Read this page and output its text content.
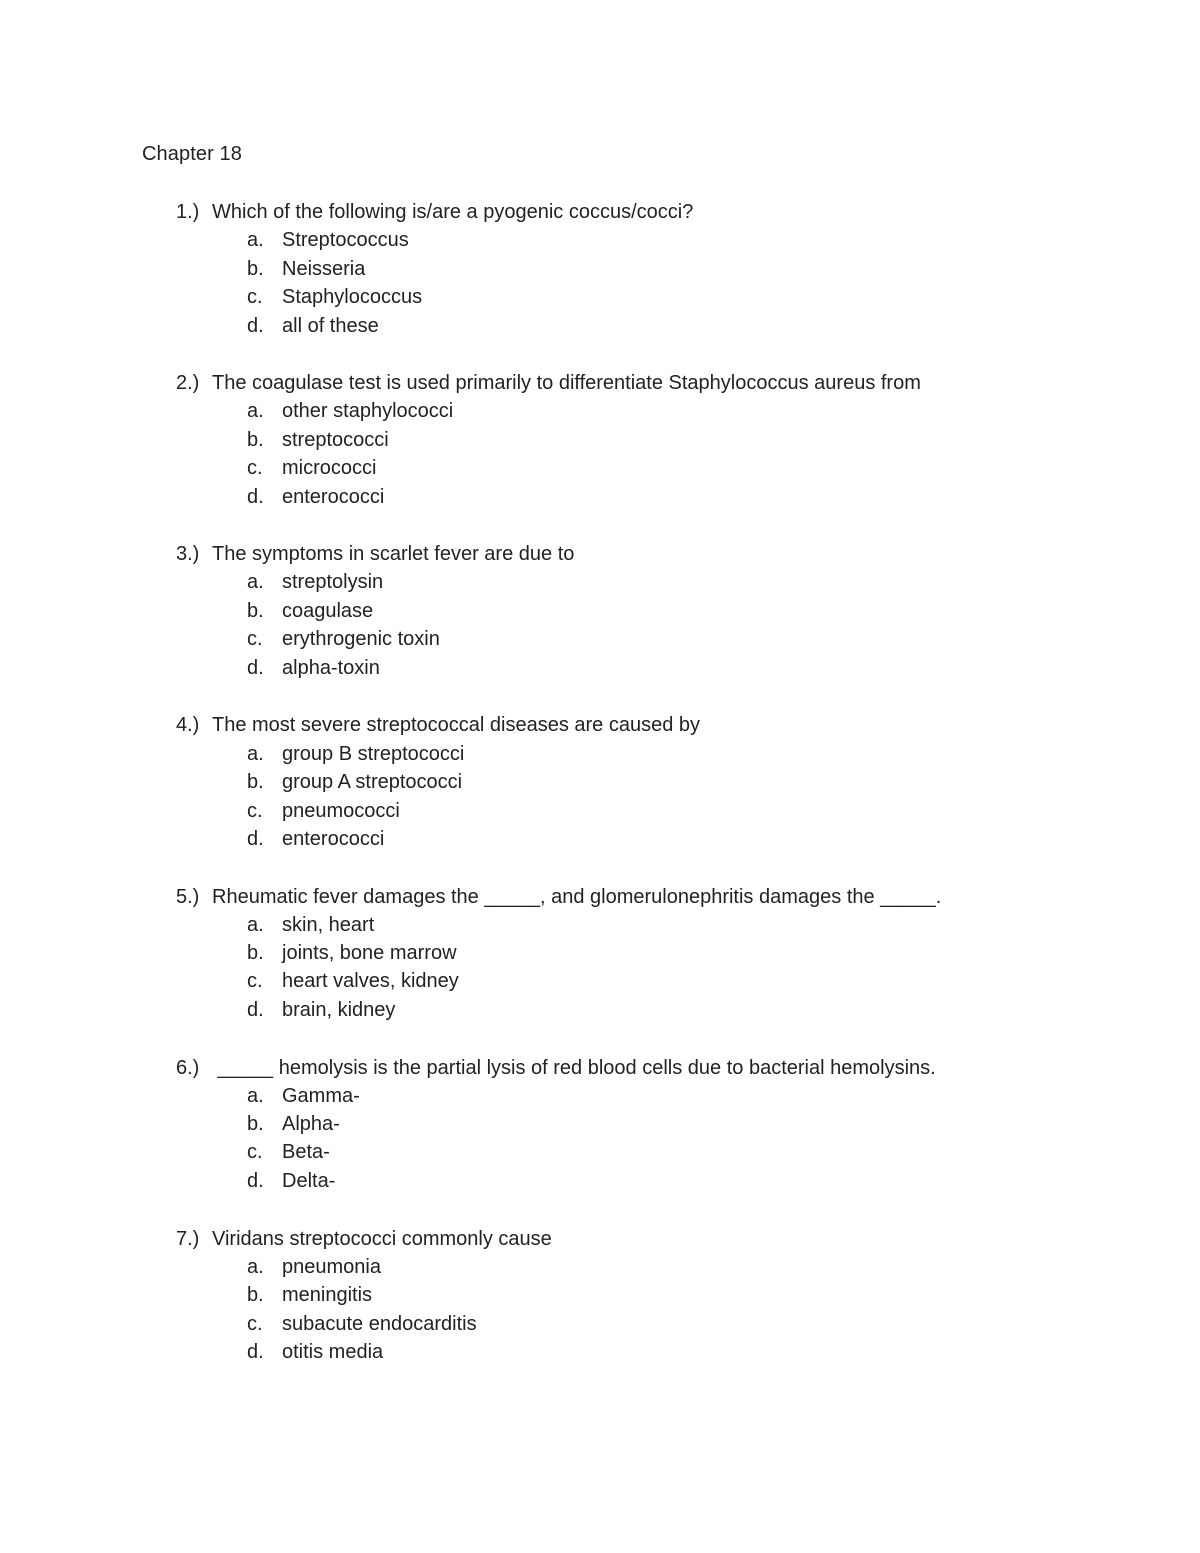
Chapter 18
1.) Which of the following is/are a pyogenic coccus/cocci?
a. Streptococcus
b. Neisseria
c. Staphylococcus
d. all of these
2.) The coagulase test is used primarily to differentiate Staphylococcus aureus from
a. other staphylococci
b. streptococci
c. micrococci
d. enterococci
3.) The symptoms in scarlet fever are due to
a. streptolysin
b. coagulase
c. erythrogenic toxin
d. alpha-toxin
4.) The most severe streptococcal diseases are caused by
a. group B streptococci
b. group A streptococci
c. pneumococci
d. enterococci
5.) Rheumatic fever damages the _____, and glomerulonephritis damages the _____.
a. skin, heart
b. joints, bone marrow
c. heart valves, kidney
d. brain, kidney
6.) _____ hemolysis is the partial lysis of red blood cells due to bacterial hemolysins.
a. Gamma-
b. Alpha-
c. Beta-
d. Delta-
7.) Viridans streptococci commonly cause
a. pneumonia
b. meningitis
c. subacute endocarditis
d. otitis media
